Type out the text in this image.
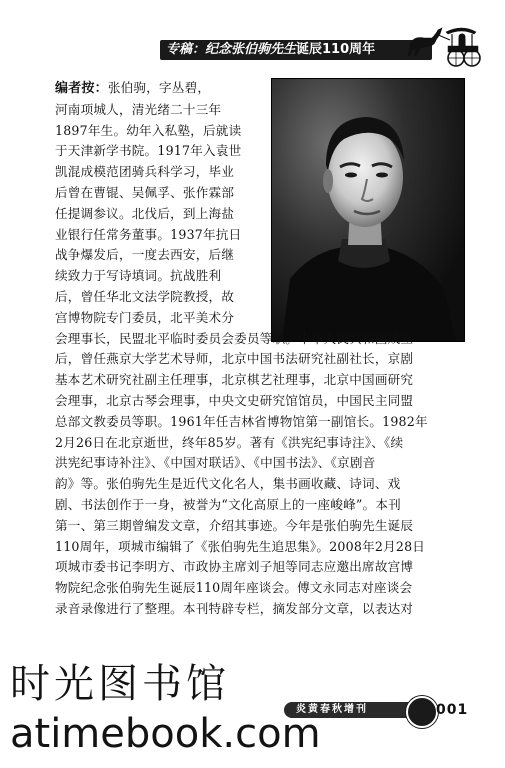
专稿：纪念张伯驹先生诞辰110周年

编者按：张伯驹，字丛碧，

河南项城人，清光绪二十三年

1897年生。幼年入私塾，后就读

于天津新学书院。1917年入袁世

凯混成模范团骑兵科学习，毕业

后曾在曹锟、吴佩孚、张作霖部

任提调参议。北伐后，到上海盐

业银行任常务董事。1937年抗日

战争爆发后，一度去西安，后继

续致力于写诗填词。抗战胜利

后，曾任华北文法学院教授，故

宫博物院专门委员，北平美术分

会理事长，民盟北平临时委员会委员等职。中华人民共和国成立

后，曾任燕京大学艺术导师，北京中国书法研究社副社长，京剧

基本艺术研究社副主任理事，北京棋艺社理事，北京中国画研究

会理事，北京古琴会理事，中央文史研究馆馆员，中国民主同盟

总部文教委员等职。1961年任吉林省博物馆第一副馆长。1982年

2月26日在北京逝世，终年85岁。著有《洪宪纪事诗注》、《续

洪宪纪事诗补注》、《中国对联话》、《中国书法》、《京剧音

韵》等。张伯驹先生是近代文化名人，集书画收藏、诗词、戏

剧、书法创作于一身，被誉为“文化高原上的一座峻峰”。本刊

第一、第三期曾编发文章，介绍其事迹。今年是张伯驹先生诞辰

110周年，项城市编辑了《张伯驹先生追思集》。2008年2月28日

项城市委书记李明方、市政协主席刘子旭等同志应邀出席故宫博

物院纪念张伯驹先生诞辰110周年座谈会。傅文永同志对座谈会

录音录像进行了整理。本刊特辟专栏，摘发部分文章，以表达对

炎黄春秋增刊	001
时光图书馆
atimebook.com
